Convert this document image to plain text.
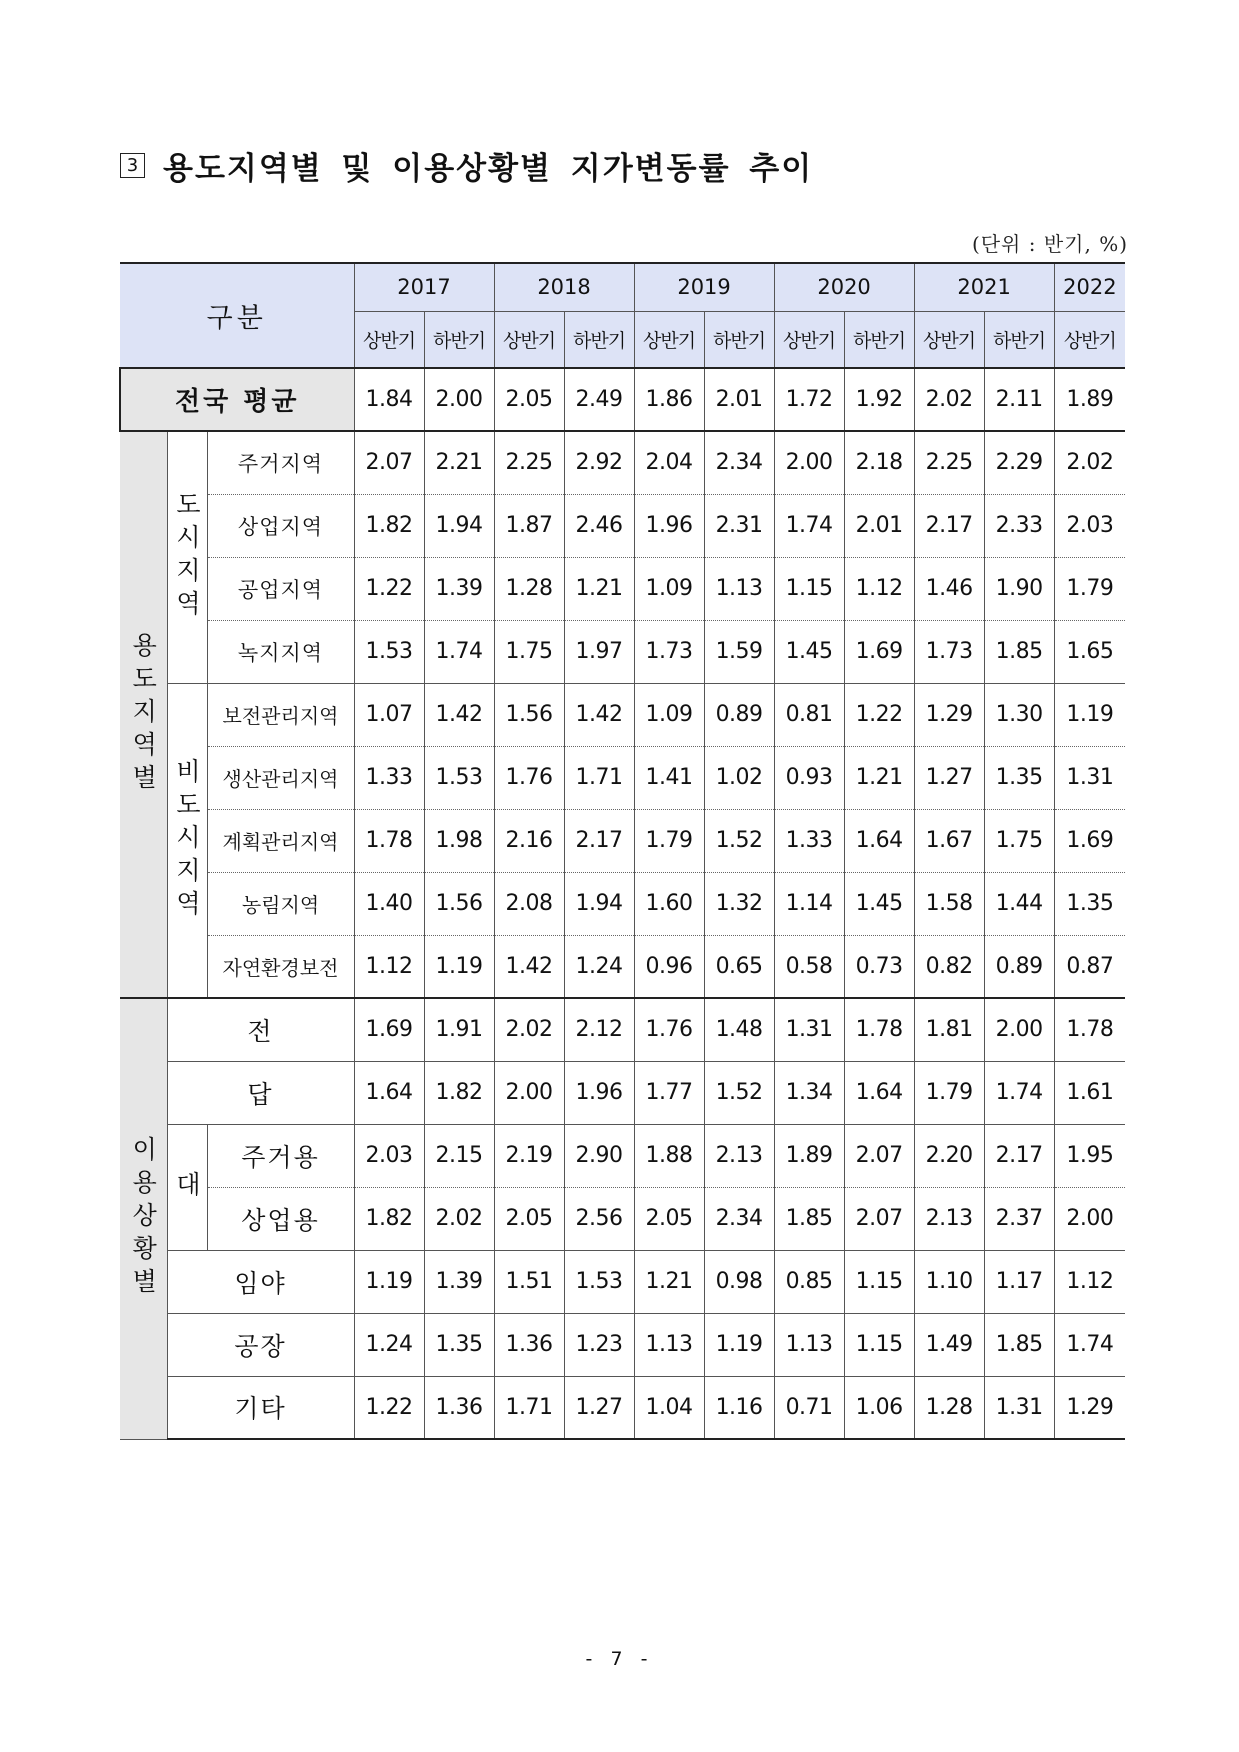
3 용도지역별 및 이용상황별 지가변동률 추이
(단위 : 반기, %)
구분			2017		2018		2019		2020		2021		2022
			상반기	하반기	상반기	하반기	상반기	하반기	상반기	하반기	상반기	하반기	상반기
전국 평균			1.84	2.00	2.05	2.49	1.86	2.01	1.72	1.92	2.02	2.11	1.89

용도지역별	도시지역	주거지역	2.07	2.21	2.25	2.92	2.04	2.34	2.00	2.18	2.25	2.29	2.02
		상업지역	1.82	1.94	1.87	2.46	1.96	2.31	1.74	2.01	2.17	2.33	2.03
		공업지역	1.22	1.39	1.28	1.21	1.09	1.13	1.15	1.12	1.46	1.90	1.79
		녹지지역	1.53	1.74	1.75	1.97	1.73	1.59	1.45	1.69	1.73	1.85	1.65

	비도시지역	보전관리지역	1.07	1.42	1.56	1.42	1.09	0.89	0.81	1.22	1.29	1.30	1.19
		생산관리지역	1.33	1.53	1.76	1.71	1.41	1.02	0.93	1.21	1.27	1.35	1.31
		계획관리지역	1.78	1.98	2.16	2.17	1.79	1.52	1.33	1.64	1.67	1.75	1.69
		농림지역	1.40	1.56	2.08	1.94	1.60	1.32	1.14	1.45	1.58	1.44	1.35
		자연환경보전	1.12	1.19	1.42	1.24	0.96	0.65	0.58	0.73	0.82	0.89	0.87

이용상황별	전		1.69	1.91	2.02	2.12	1.76	1.48	1.31	1.78	1.81	2.00	1.78
	답		1.64	1.82	2.00	1.96	1.77	1.52	1.34	1.64	1.79	1.74	1.61

	대	주거용	2.03	2.15	2.19	2.90	1.88	2.13	1.89	2.07	2.20	2.17	1.95
		상업용	1.82	2.02	2.05	2.56	2.05	2.34	1.85	2.07	2.13	2.37	2.00
	임야		1.19	1.39	1.51	1.53	1.21	0.98	0.85	1.15	1.10	1.17	1.12
	공장		1.24	1.35	1.36	1.23	1.13	1.19	1.13	1.15	1.49	1.85	1.74
	기타		1.22	1.36	1.71	1.27	1.04	1.16	0.71	1.06	1.28	1.31	1.29
- 7 -
